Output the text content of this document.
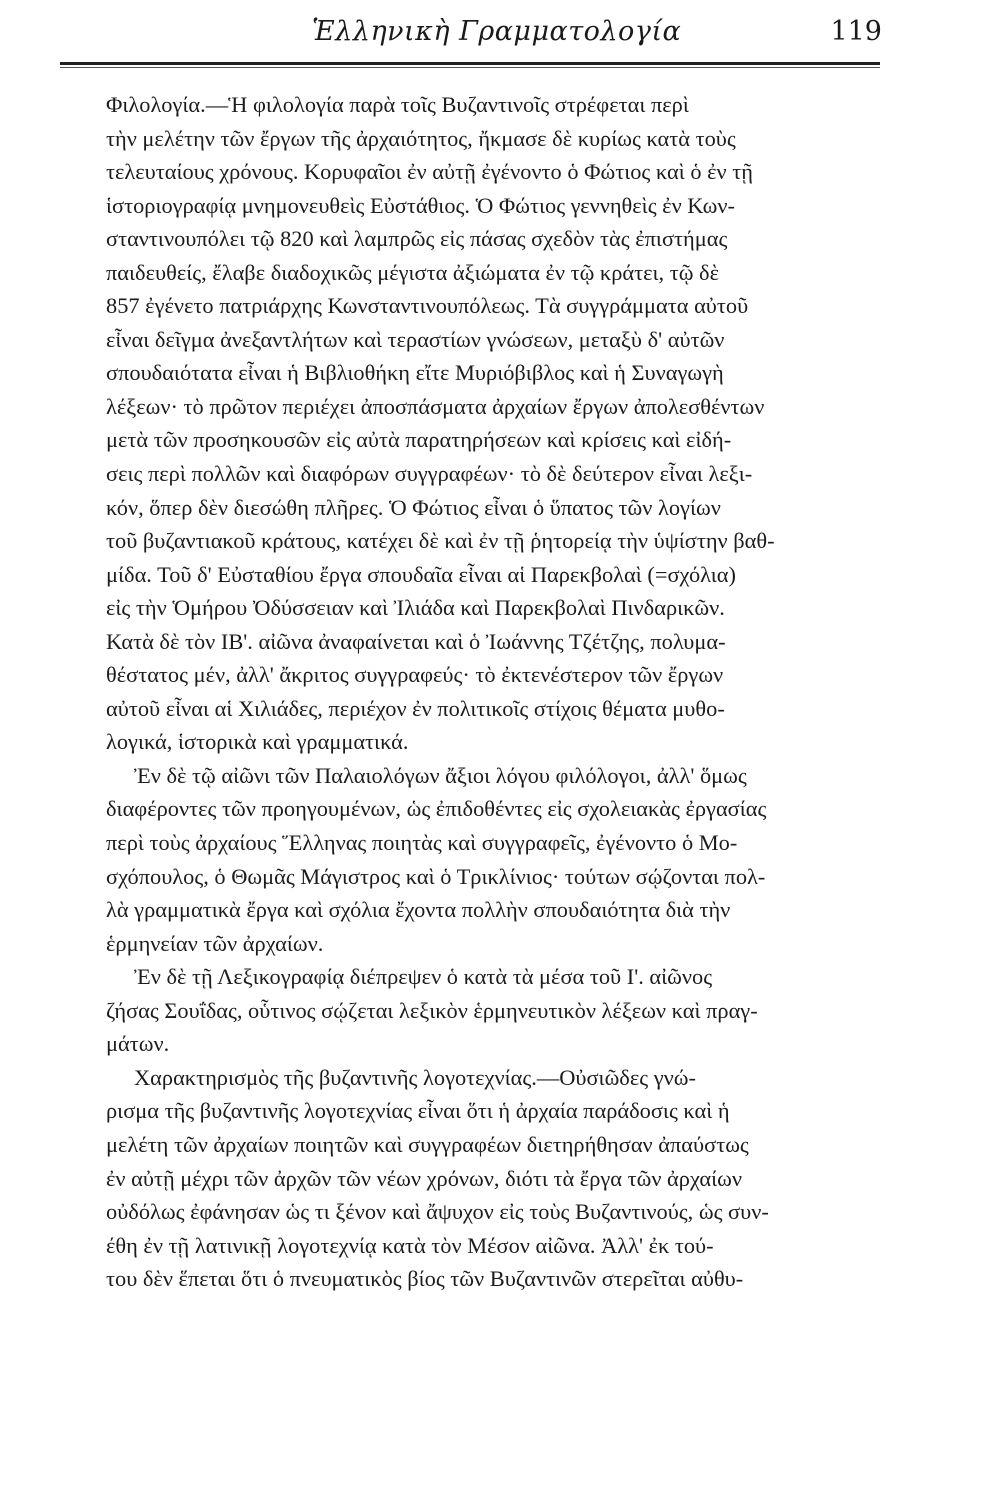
Ἑλληνικὴ Γραμματολογία	119
Φιλολογία.—Ἡ φιλολογία παρὰ τοῖς Βυζαντινοῖς στρέφεται περὶ
τὴν μελέτην τῶν ἔργων τῆς ἀρχαιότητος, ἤκμασε δὲ κυρίως κατὰ τοὺς
τελευταίους χρόνους. Κορυφαῖοι ἐν αὐτῇ ἐγένοντο ὁ Φώτιος καὶ ὁ ἐν τῇ
ἱστοριογραφίᾳ μνημονευθεὶς Εὐστάθιος. Ὁ Φώτιος γεννηθεὶς ἐν Κων-
σταντινουπόλει τῷ 820 καὶ λαμπρῶς εἰς πάσας σχεδὸν τὰς ἐπιστήμας
παιδευθείς, ἔλαβε διαδοχικῶς μέγιστα ἀξιώματα ἐν τῷ κράτει, τῷ δὲ
857 ἐγένετο πατριάρχης Κωνσταντινουπόλεως. Τὰ συγγράμματα αὐτοῦ
εἶναι δεῖγμα ἀνεξαντλήτων καὶ τεραστίων γνώσεων, μεταξὺ δ' αὐτῶν
σπουδαιότατα εἶναι ἡ Βιβλιοθήκη εἴτε Μυριόβιβλος καὶ ἡ Συναγωγὴ
λέξεων· τὸ πρῶτον περιέχει ἀποσπάσματα ἀρχαίων ἔργων ἀπολεσθέντων
μετὰ τῶν προσηκουσῶν εἰς αὐτὰ παρατηρήσεων καὶ κρίσεις καὶ εἰδή-
σεις περὶ πολλῶν καὶ διαφόρων συγγραφέων· τὸ δὲ δεύτερον εἶναι λεξι-
κόν, ὅπερ δὲν διεσώθη πλῆρες. Ὁ Φώτιος εἶναι ὁ ὕπατος τῶν λογίων
τοῦ βυζαντιακοῦ κράτους, κατέχει δὲ καὶ ἐν τῇ ῥητορείᾳ τὴν ὑψίστην βαθ-
μίδα. Τοῦ δ' Εὐσταθίου ἔργα σπουδαῖα εἶναι αἱ Παρεκβολαὶ (=σχόλια)
εἰς τὴν Ὁμήρου Ὀδύσσειαν καὶ Ἰλιάδα καὶ Παρεκβολαὶ Πινδαρικῶν.
Κατὰ δὲ τὸν ΙΒ'. αἰῶνα ἀναφαίνεται καὶ ὁ Ἰωάννης Τζέτζης, πολυμα-
θέστατος μέν, ἀλλ' ἄκριτος συγγραφεύς· τὸ ἐκτενέστερον τῶν ἔργων
αὐτοῦ εἶναι αἱ Χιλιάδες, περιέχον ἐν πολιτικοῖς στίχοις θέματα μυθο-
λογικά, ἱστορικὰ καὶ γραμματικά.
Ἐν δὲ τῷ αἰῶνι τῶν Παλαιολόγων ἄξιοι λόγου φιλόλογοι, ἀλλ' ὅμως
διαφέροντες τῶν προηγουμένων, ὡς ἐπιδοθέντες εἰς σχολειακὰς ἐργασίας
περὶ τοὺς ἀρχαίους Ἕλληνας ποιητὰς καὶ συγγραφεῖς, ἐγένοντο ὁ Μο-
σχόπουλος, ὁ Θωμᾶς Μάγιστρος καὶ ὁ Τρικλίνιος· τούτων σῴζονται πολ-
λὰ γραμματικὰ ἔργα καὶ σχόλια ἔχοντα πολλὴν σπουδαιότητα διὰ τὴν
ἑρμηνείαν τῶν ἀρχαίων.
Ἐν δὲ τῇ Λεξικογραφίᾳ διέπρεψεν ὁ κατὰ τὰ μέσα τοῦ Ι'. αἰῶνος
ζήσας Σουΐδας, οὗτινος σῴζεται λεξικὸν ἑρμηνευτικὸν λέξεων καὶ πραγ-
μάτων.
Χαρακτηρισμὸς τῆς βυζαντινῆς λογοτεχνίας.—Οὐσιῶδες γνώ-
ρισμα τῆς βυζαντινῆς λογοτεχνίας εἶναι ὅτι ἡ ἀρχαία παράδοσις καὶ ἡ
μελέτη τῶν ἀρχαίων ποιητῶν καὶ συγγραφέων διετηρήθησαν ἀπαύστως
ἐν αὐτῇ μέχρι τῶν ἀρχῶν τῶν νέων χρόνων, διότι τὰ ἔργα τῶν ἀρχαίων
οὐδόλως ἐφάνησαν ὡς τι ξένον καὶ ἄψυχον εἰς τοὺς Βυζαντινούς, ὡς συν-
έθη ἐν τῇ λατινικῇ λογοτεχνίᾳ κατὰ τὸν Μέσον αἰῶνα. Ἀλλ' ἐκ τού-
του δὲν ἕπεται ὅτι ὁ πνευματικὸς βίος τῶν Βυζαντινῶν στερεῖται αὐθυ-
